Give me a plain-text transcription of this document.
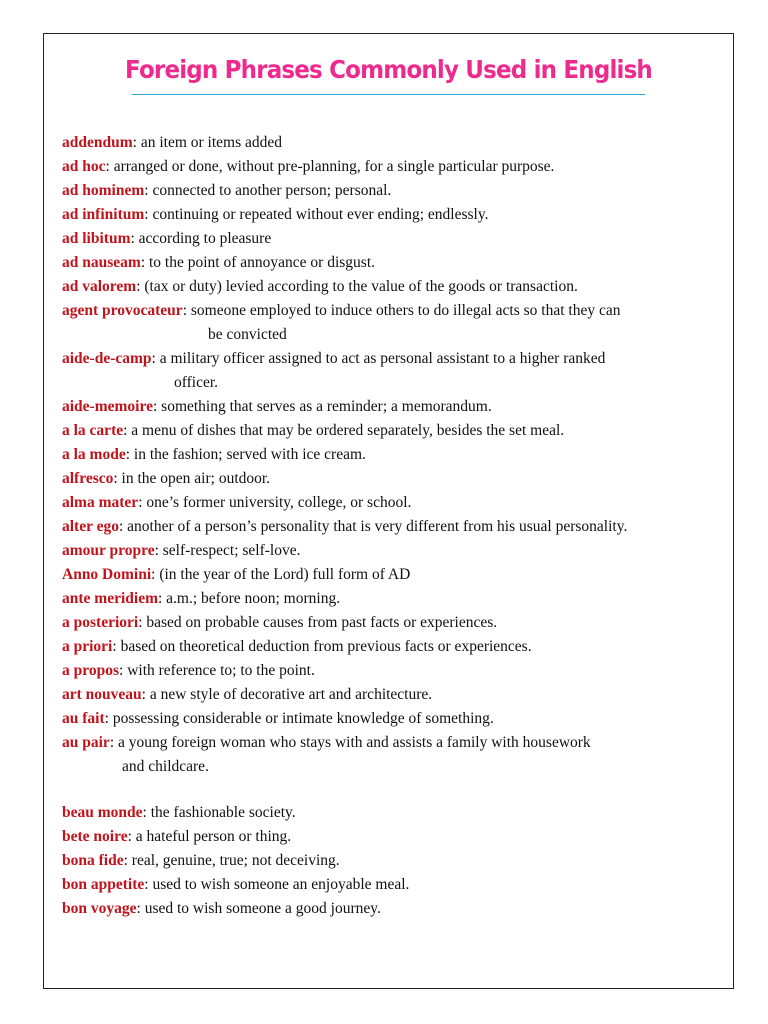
Foreign Phrases Commonly Used in English

addendum: an item or items added

ad hoc: arranged or done, without pre-planning, for a single particular purpose.

ad hominem: connected to another person; personal.

ad infinitum: continuing or repeated without ever ending; endlessly.

ad libitum: according to pleasure

ad nauseam: to the point of annoyance or disgust.

ad valorem: (tax or duty) levied according to the value of the goods or transaction.

agent provocateur: someone employed to induce others to do illegal acts so that they can
be convicted

aide-de-camp: a military officer assigned to act as personal assistant to a higher ranked
officer.

aide-memoire: something that serves as a reminder; a memorandum.

a la carte: a menu of dishes that may be ordered separately, besides the set meal.

a la mode: in the fashion; served with ice cream.

alfresco: in the open air; outdoor.

alma mater: one’s former university, college, or school.

alter ego: another of a person’s personality that is very different from his usual personality.

amour propre: self-respect; self-love.

Anno Domini: (in the year of the Lord) full form of AD

ante meridiem: a.m.; before noon; morning.

a posteriori: based on probable causes from past facts or experiences.

a priori: based on theoretical deduction from previous facts or experiences.

a propos: with reference to; to the point.

art nouveau: a new style of decorative art and architecture.

au fait: possessing considerable or intimate knowledge of something.

au pair: a young foreign woman who stays with and assists a family with housework
and childcare.

beau monde: the fashionable society.

bete noire: a hateful person or thing.

bona fide: real, genuine, true; not deceiving.

bon appetite: used to wish someone an enjoyable meal.

bon voyage: used to wish someone a good journey.
